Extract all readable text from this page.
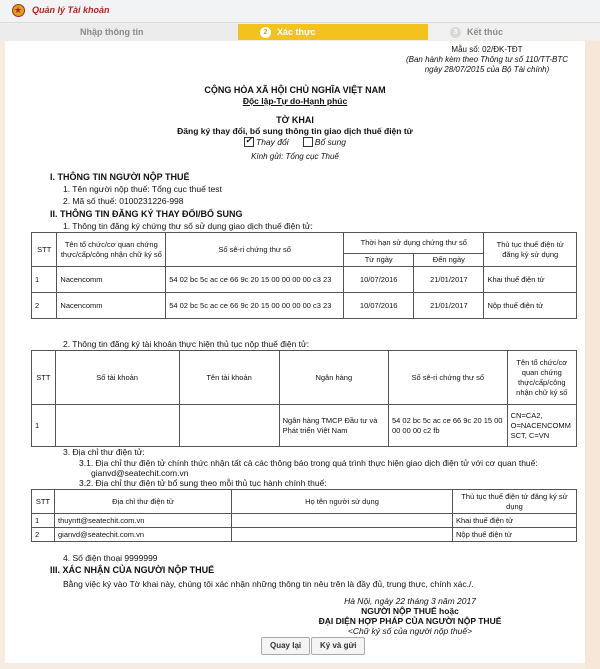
★
Quản lý Tài khoản
Nhập thông tin	2 Xác thực	3 Kết thúc
Mẫu số: 02/ĐK-TĐT
(Ban hành kèm theo Thông tư số 110/TT-BTC
ngày 28/07/2015 của Bộ Tài chính)
CỘNG HÒA XÃ HỘI CHỦ NGHĨA VIỆT NAM
Độc lập-Tự do-Hạnh phúc
TỜ KHAI
Đăng ký thay đổi, bổ sung thông tin giao dịch thuế điện tử
✓Thay đổi	Bổ sung
Kính gửi: Tổng cục Thuế
I. THÔNG TIN NGƯỜI NỘP THUẾ
1. Tên người nộp thuế: Tổng cục thuế test
2. Mã số thuế: 0100231226-998
II. THÔNG TIN ĐĂNG KÝ THAY ĐỔI/BỔ SUNG
1. Thông tin đăng ký chứng thư số sử dụng giao dịch thuế điện tử:
STT	Tên tổ chức/cơ quan chứng thực/cấp/công nhận chữ ký số	Số sê-ri chứng thư số	Thời hạn sử dụng chứng thư số		Thủ tục thuế điện tử đăng ký sử dụng
			Từ ngày	Đến ngày	
1	Nacencomm	54 02 bc 5c ac ce 66 9c 20 15 00 00 00 00 c3 23	10/07/2016	21/01/2017	Khai thuế điện tử
2	Nacencomm	54 02 bc 5c ac ce 66 9c 20 15 00 00 00 00 c3 23	10/07/2016	21/01/2017	Nộp thuế điện tử
2. Thông tin đăng ký tài khoản thực hiện thủ tục nộp thuế điện tử:
STT	Số tài khoản	Tên tài khoản	Ngân hàng	Số sê-ri chứng thư số	Tên tổ chức/cơ quan chứng thực/cấp/công nhận chữ ký số
1			Ngân hàng TMCP Đầu tư và Phát triển Việt Nam	54 02 bc 5c ac ce 66 9c 20 15 00 00 00 00 c2 fb	CN=CA2, O=NACENCOMM SCT, C=VN
3. Địa chỉ thư điện tử:
3.1. Địa chỉ thư điện tử chính thức nhận tất cả các thông báo trong quá trình thực hiện giao dịch điện tử với cơ quan thuế:
gianvd@seatechit.com.vn
3.2. Địa chỉ thư điện tử bổ sung theo mỗi thủ tục hành chính thuế:
STT	Địa chỉ thư điện tử	Họ tên người sử dụng	Thủ tục thuế điện tử đăng ký sử dụng
1	thuyntt@seatechit.com.vn		Khai thuế điện tử
2	gianvd@seatechit.com.vn		Nộp thuế điện tử
4. Số điện thoại 9999999
III. XÁC NHẬN CỦA NGƯỜI NỘP THUẾ
Bằng việc ký vào Tờ khai này, chúng tôi xác nhận những thông tin nêu trên là đầy đủ, trung thực, chính xác./.
Hà Nội, ngày 22 tháng 3 năm 2017
NGƯỜI NỘP THUẾ hoặc
ĐẠI DIỆN HỢP PHÁP CỦA NGƯỜI NỘP THUẾ
<Chữ ký số của người nộp thuế>
Quay lại	Ký và gửi
